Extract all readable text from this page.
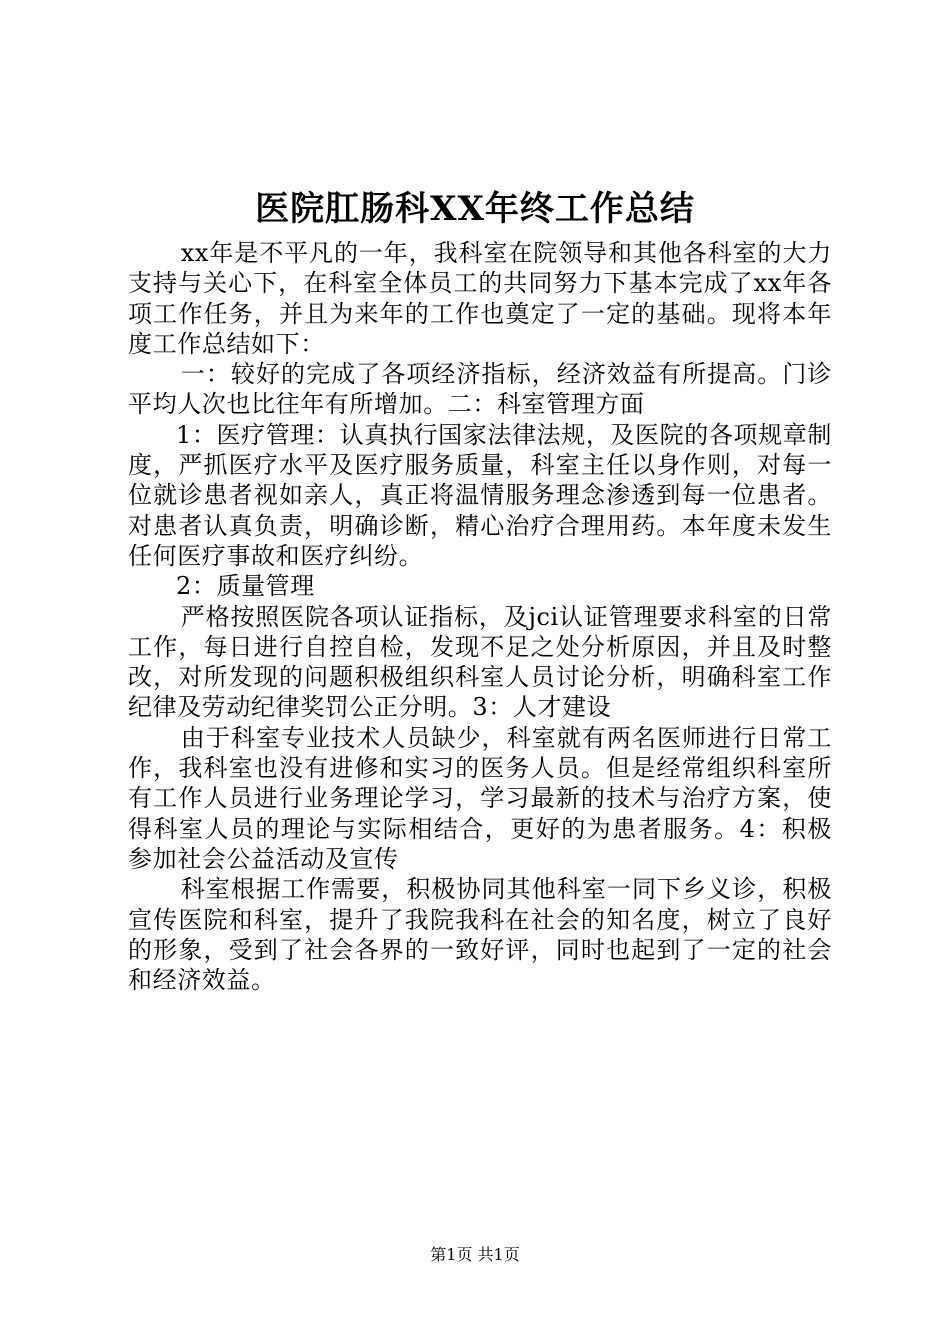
医院肛肠科XX年终工作总结

xx年是不平凡的一年，我科室在院领导和其他各科室的大力支持与关心下，在科室全体员工的共同努力下基本完成了xx年各项工作任务，并且为来年的工作也奠定了一定的基础。现将本年度工作总结如下：

一：较好的完成了各项经济指标，经济效益有所提高。门诊平均人次也比往年有所增加。二：科室管理方面

1：医疗管理：认真执行国家法律法规，及医院的各项规章制度，严抓医疗水平及医疗服务质量，科室主任以身作则，对每一位就诊患者视如亲人，真正将温情服务理念渗透到每一位患者。对患者认真负责，明确诊断，精心治疗合理用药。本年度未发生任何医疗事故和医疗纠纷。

2：质量管理

严格按照医院各项认证指标，及jci认证管理要求科室的日常工作，每日进行自控自检，发现不足之处分析原因，并且及时整改，对所发现的问题积极组织科室人员讨论分析，明确科室工作纪律及劳动纪律奖罚公正分明。3：人才建设

由于科室专业技术人员缺少，科室就有两名医师进行日常工作，我科室也没有进修和实习的医务人员。但是经常组织科室所有工作人员进行业务理论学习，学习最新的技术与治疗方案，使得科室人员的理论与实际相结合，更好的为患者服务。4：积极参加社会公益活动及宣传

科室根据工作需要，积极协同其他科室一同下乡义诊，积极宣传医院和科室，提升了我院我科在社会的知名度，树立了良好的形象，受到了社会各界的一致好评，同时也起到了一定的社会和经济效益。

第1页 共1页
